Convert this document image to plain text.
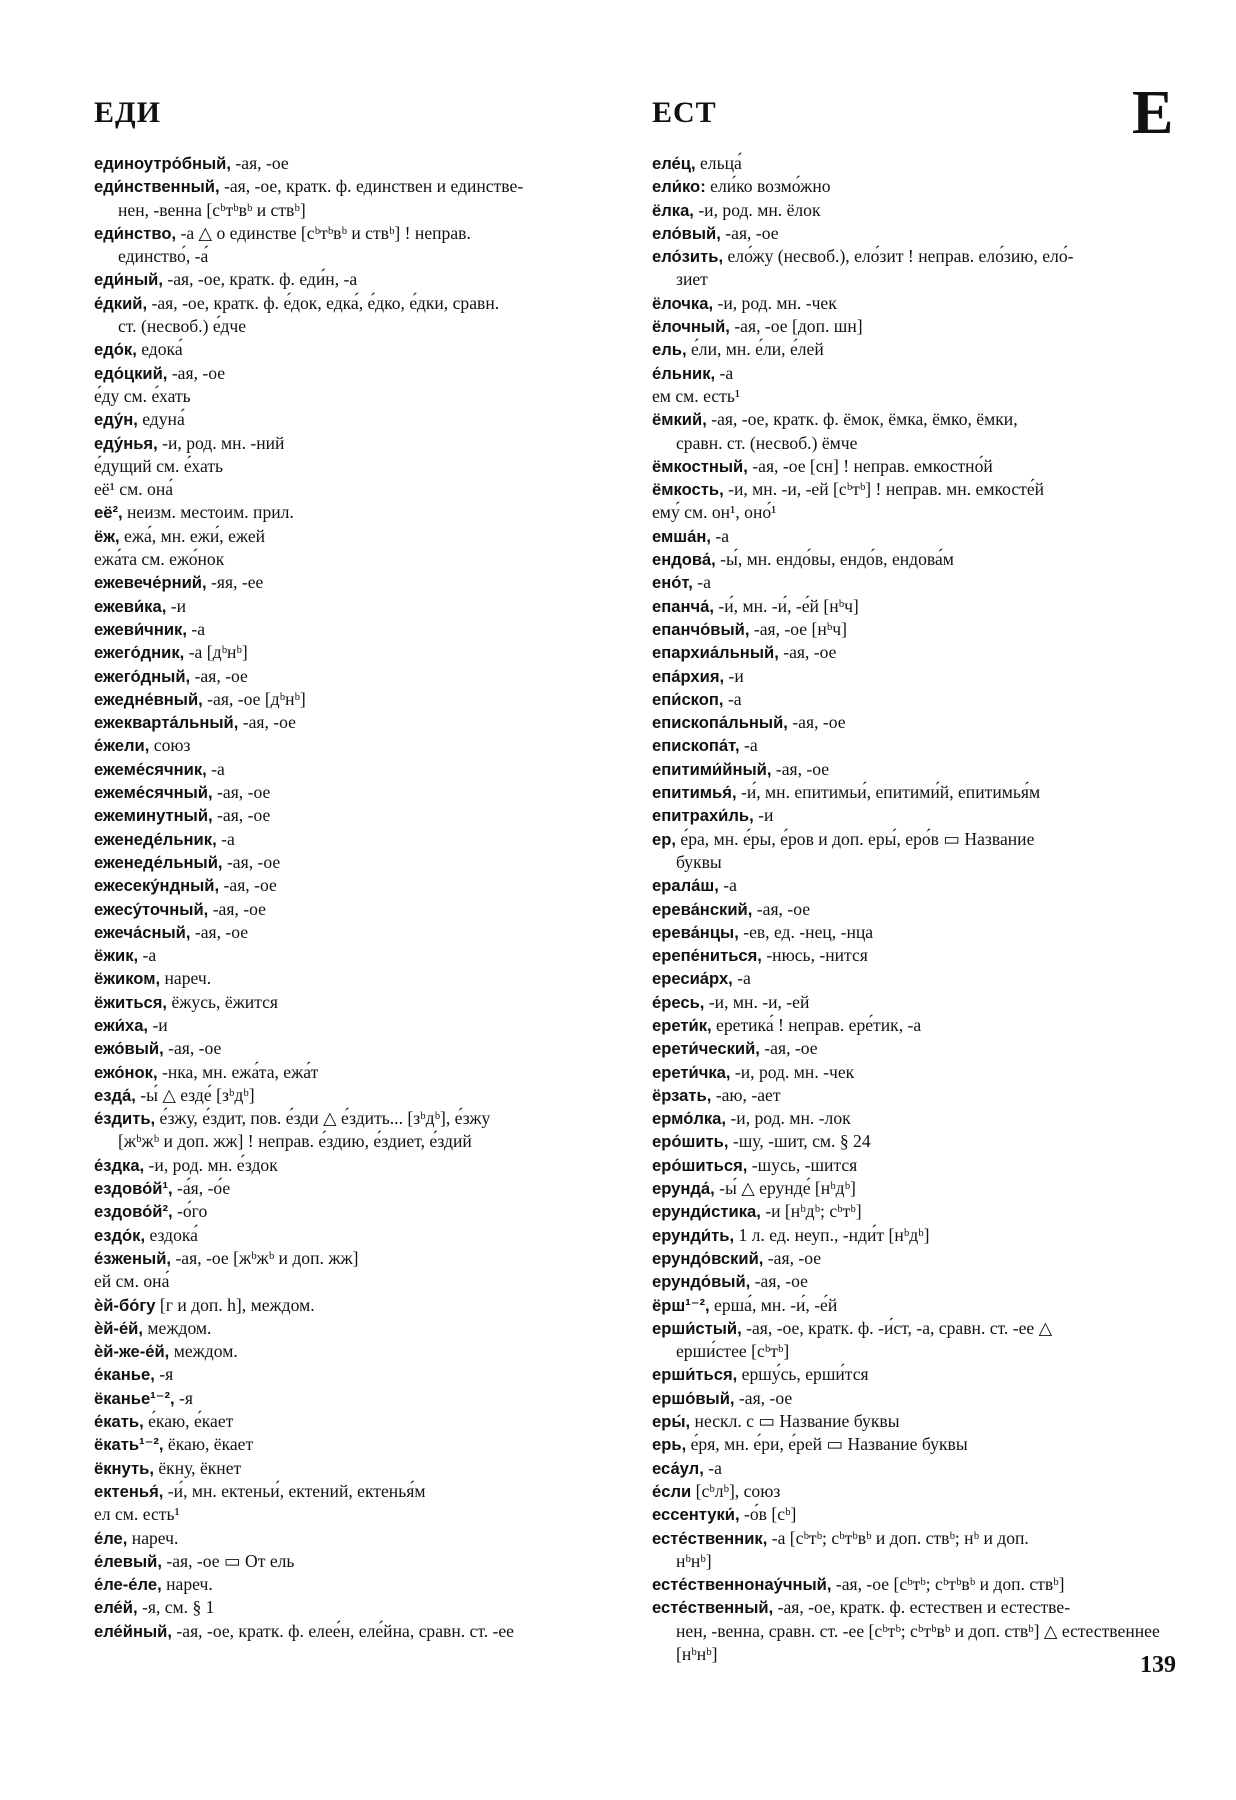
ЕДИ	ЕСТ	Е
единоутро́бный, -ая, -ое
еди́нственный, -ая, -ое, кратк. ф. единствен и единстве-
нен, -венна [сᵇтᵇвᵇ и ствᵇ]
еди́нство, -а △ о единстве [сᵇтᵇвᵇ и ствᵇ] ! неправ.
единство́, -а́
еди́ный, -ая, -ое, кратк. ф. еди́н, -а
е́дкий, -ая, -ое, кратк. ф. е́док, едка́, е́дко, е́дки, сравн.
ст. (несвоб.) е́дче
едо́к, едока́
едо́цкий, -ая, -ое
е́ду см. е́хать
еду́н, едуна́
еду́нья, -и, род. мн. -ний
е́дущий см. е́хать
её¹ см. она́
её², неизм. местоим. прил.
ёж, ежа́, мн. ежи́, ежей
ежа́та см. ежо́нок
ежевече́рний, -яя, -ее
ежеви́ка, -и
ежеви́чник, -а
ежего́дник, -а [дᵇнᵇ]
ежего́дный, -ая, -ое
ежедне́вный, -ая, -ое [дᵇнᵇ]
ежекварта́льный, -ая, -ое
е́жели, союз
ежеме́сячник, -а
ежеме́сячный, -ая, -ое
ежеминутный, -ая, -ое
еженеде́льник, -а
еженеде́льный, -ая, -ое
ежесеку́ндный, -ая, -ое
ежесу́точный, -ая, -ое
ежеча́сный, -ая, -ое
ёжик, -а
ёжиком, нареч.
ёжиться, ёжусь, ёжится
ежи́ха, -и
ежо́вый, -ая, -ое
ежо́нок, -нка, мн. ежа́та, ежа́т
езда́, -ы́ △ езде́ [зᵇдᵇ]
е́здить, е́зжу, е́здит, пов. е́зди △ е́здить... [зᵇдᵇ], е́зжу
[жᵇжᵇ и доп. жж] ! неправ. е́здию, е́здиет, е́здий
е́здка, -и, род. мн. е́здок
ездово́й¹, -а́я, -о́е
ездово́й², -о́го
ездо́к, ездока́
е́зженый, -ая, -ое [жᵇжᵇ и доп. жж]
ей см. она́
ѐй-бо́гу [г и доп. h], междом.
ѐй-е́й, междом.
ѐй-же-е́й, междом.
е́канье, -я
ёканье¹⁻², -я
е́кать, е́каю, е́кает
ёкать¹⁻², ёкаю, ёкает
ёкнуть, ёкну, ёкнет
ектенья́, -и́, мн. ектеньи́, ектений, ектенья́м
ел см. есть¹
е́ле, нареч.
е́левый, -ая, -ое ▭ От ель
е́ле-е́ле, нареч.
еле́й, -я, см. § 1
еле́йный, -ая, -ое, кратк. ф. елее́н, еле́йна, сравн. ст. -ее
еле́ц, ельца́
ели́ко: ели́ко возмо́жно
ёлка, -и, род. мн. ёлок
ело́вый, -ая, -ое
ело́зить, ело́жу (несвоб.), ело́зит ! неправ. ело́зию, ело́-
зиет
ёлочка, -и, род. мн. -чек
ёлочный, -ая, -ое [доп. шн]
ель, е́ли, мн. е́ли, е́лей
е́льник, -а
ем см. есть¹
ёмкий, -ая, -ое, кратк. ф. ёмок, ёмка, ёмко, ёмки,
сравн. ст. (несвоб.) ёмче
ёмкостный, -ая, -ое [сн] ! неправ. емкостно́й
ёмкость, -и, мн. -и, -ей [сᵇтᵇ] ! неправ. мн. емкосте́й
ему́ см. он¹, оно́¹
емша́н, -а
ендова́, -ы́, мн. ендо́вы, ендо́в, ендова́м
ено́т, -а
епанча́, -и́, мн. -и́, -е́й [нᵇч]
епанчо́вый, -ая, -ое [нᵇч]
епархиа́льный, -ая, -ое
епа́рхия, -и
епи́скоп, -а
епископа́льный, -ая, -ое
епископа́т, -а
епитими́йный, -ая, -ое
епитимья́, -и́, мн. епитимьи́, епитими́й, епитимья́м
епитрахи́ль, -и
ер, е́ра, мн. е́ры, е́ров и доп. еры́, еро́в ▭ Название
буквы
ерала́ш, -а
ерева́нский, -ая, -ое
ерева́нцы, -ев, ед. -нец, -нца
ерепе́ниться, -нюсь, -нится
ересиа́рх, -а
е́ресь, -и, мн. -и, -ей
ерети́к, еретика́ ! неправ. ере́тик, -а
ерети́ческий, -ая, -ое
ерети́чка, -и, род. мн. -чек
ёрзать, -аю, -ает
ермо́лка, -и, род. мн. -лок
еро́шить, -шу, -шит, см. § 24
еро́шиться, -шусь, -шится
ерунда́, -ы́ △ ерунде́ [нᵇдᵇ]
ерунди́стика, -и [нᵇдᵇ; сᵇтᵇ]
ерунди́ть, 1 л. ед. неуп., -нди́т [нᵇдᵇ]
ерундо́вский, -ая, -ое
ерундо́вый, -ая, -ое
ёрш¹⁻², ерша́, мн. -и́, -е́й
ерши́стый, -ая, -ое, кратк. ф. -и́ст, -а, сравн. ст. -ее △
ерши́стее [сᵇтᵇ]
ерши́ться, ершу́сь, ерши́тся
ершо́вый, -ая, -ое
еры́, нескл. с ▭ Название буквы
ерь, е́ря, мн. е́ри, е́рей ▭ Название буквы
еса́ул, -а
е́сли [сᵇлᵇ], союз
ессентуки́, -о́в [сᵇ]
есте́ственник, -а [сᵇтᵇ; сᵇтᵇвᵇ и доп. ствᵇ; нᵇ и доп.
нᵇнᵇ]
есте́ственнонау́чный, -ая, -ое [сᵇтᵇ; сᵇтᵇвᵇ и доп. ствᵇ]
есте́ственный, -ая, -ое, кратк. ф. естествен и естестве-
нен, -венна, сравн. ст. -ее [сᵇтᵇ; сᵇтᵇвᵇ и доп. ствᵇ] △ естественнее [нᵇнᵇ]	139
